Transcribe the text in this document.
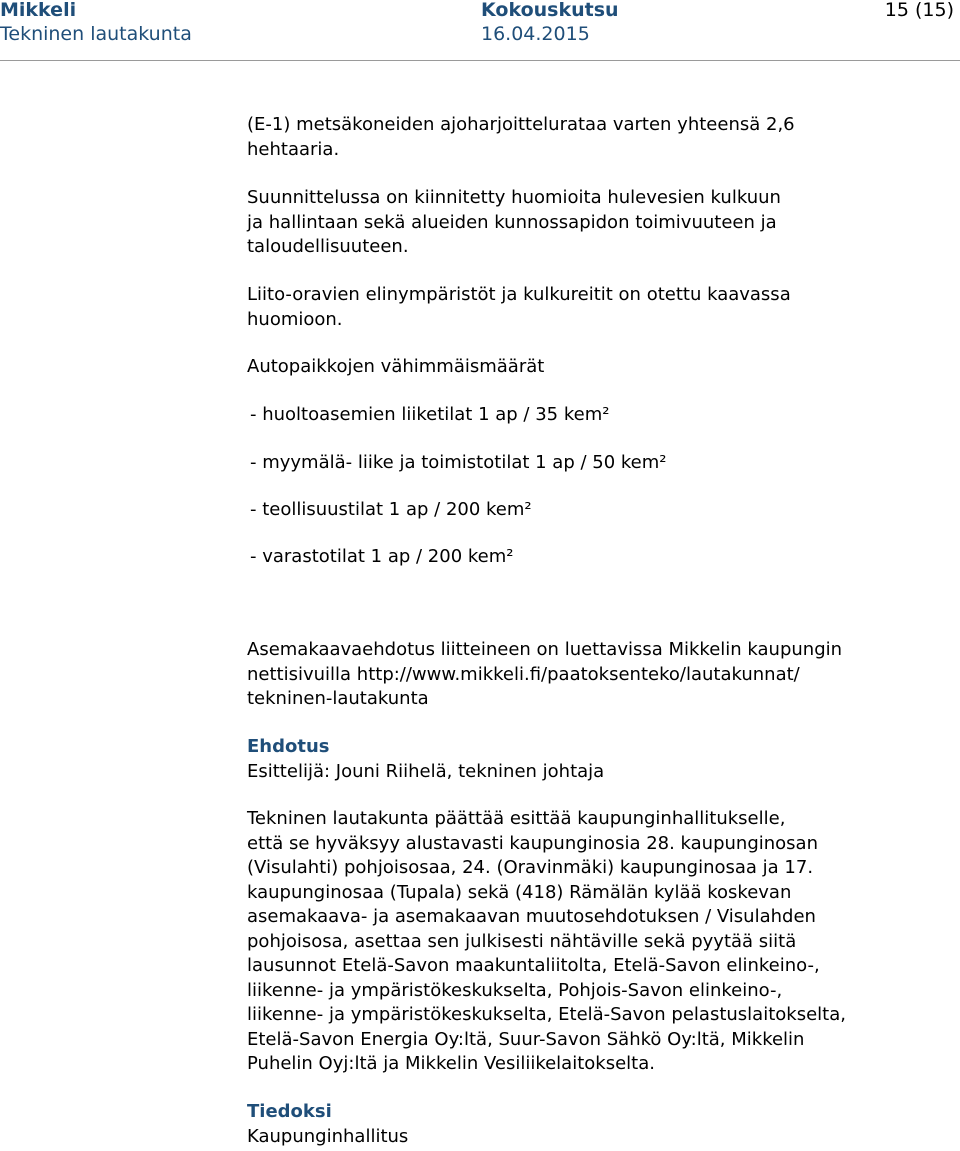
Mikkeli
Tekninen lautakunta
Kokouskutsu
16.04.2015
15 (15)

(E-1) metsäkoneiden ajoharjoitteluratаa varten yhteensä 2,6
hehtaaria.

Suunnittelussa on kiinnitetty huomioita hulevesien kulkuun
ja hallintaan sekä alueiden kunnossapidon toimivuuteen ja
taloudellisuuteen.

Liito-oravien elinympäristöt ja kulkureitit on otettu kaavassa
huomioon.

Autopaikkojen vähimmäismäärät

- huoltoasemien liiketilat 1 ap / 35 kem²

- myymälä- liike ja toimistotilat 1 ap / 50 kem²

- teollisuustilat 1 ap / 200 kem²

- varastotilat 1 ap / 200 kem²

Asemakaavaehdotus liitteineen on luettavissa Mikkelin kaupungin
nettisivuilla http://www.mikkeli.fi/paatoksenteko/lautakunnat/
tekninen-lautakunta

Ehdotus

Esittelijä: Jouni Riihelä, tekninen johtaja

Tekninen lautakunta päättää esittää kaupunginhallitukselle,
että se hyväksyy alustavasti kaupunginosia 28. kaupunginosan
(Visulahti) pohjoisosaa, 24. (Oravinmäki) kaupunginosaa ja 17.
kaupunginosaa (Tupala) sekä (418) Rämälän kylää koskevan
asemakaava- ja asemakaavan muutosehdotuksen / Visulahden
pohjoisosa, asettaa sen julkisesti nähtäville sekä pyytää siitä
lausunnot Etelä-Savon maakuntaliitolta, Etelä-Savon elinkeino-,
liikenne- ja ympäristökeskukselta, Pohjois-Savon elinkeino-,
liikenne- ja ympäristökeskukselta, Etelä-Savon pelastuslaitokselta,
Etelä-Savon Energia Oy:ltä, Suur-Savon Sähkö Oy:ltä, Mikkelin
Puhelin Oyj:ltä ja Mikkelin Vesiliikelaitokselta.

Tiedoksi

Kaupunginhallitus
